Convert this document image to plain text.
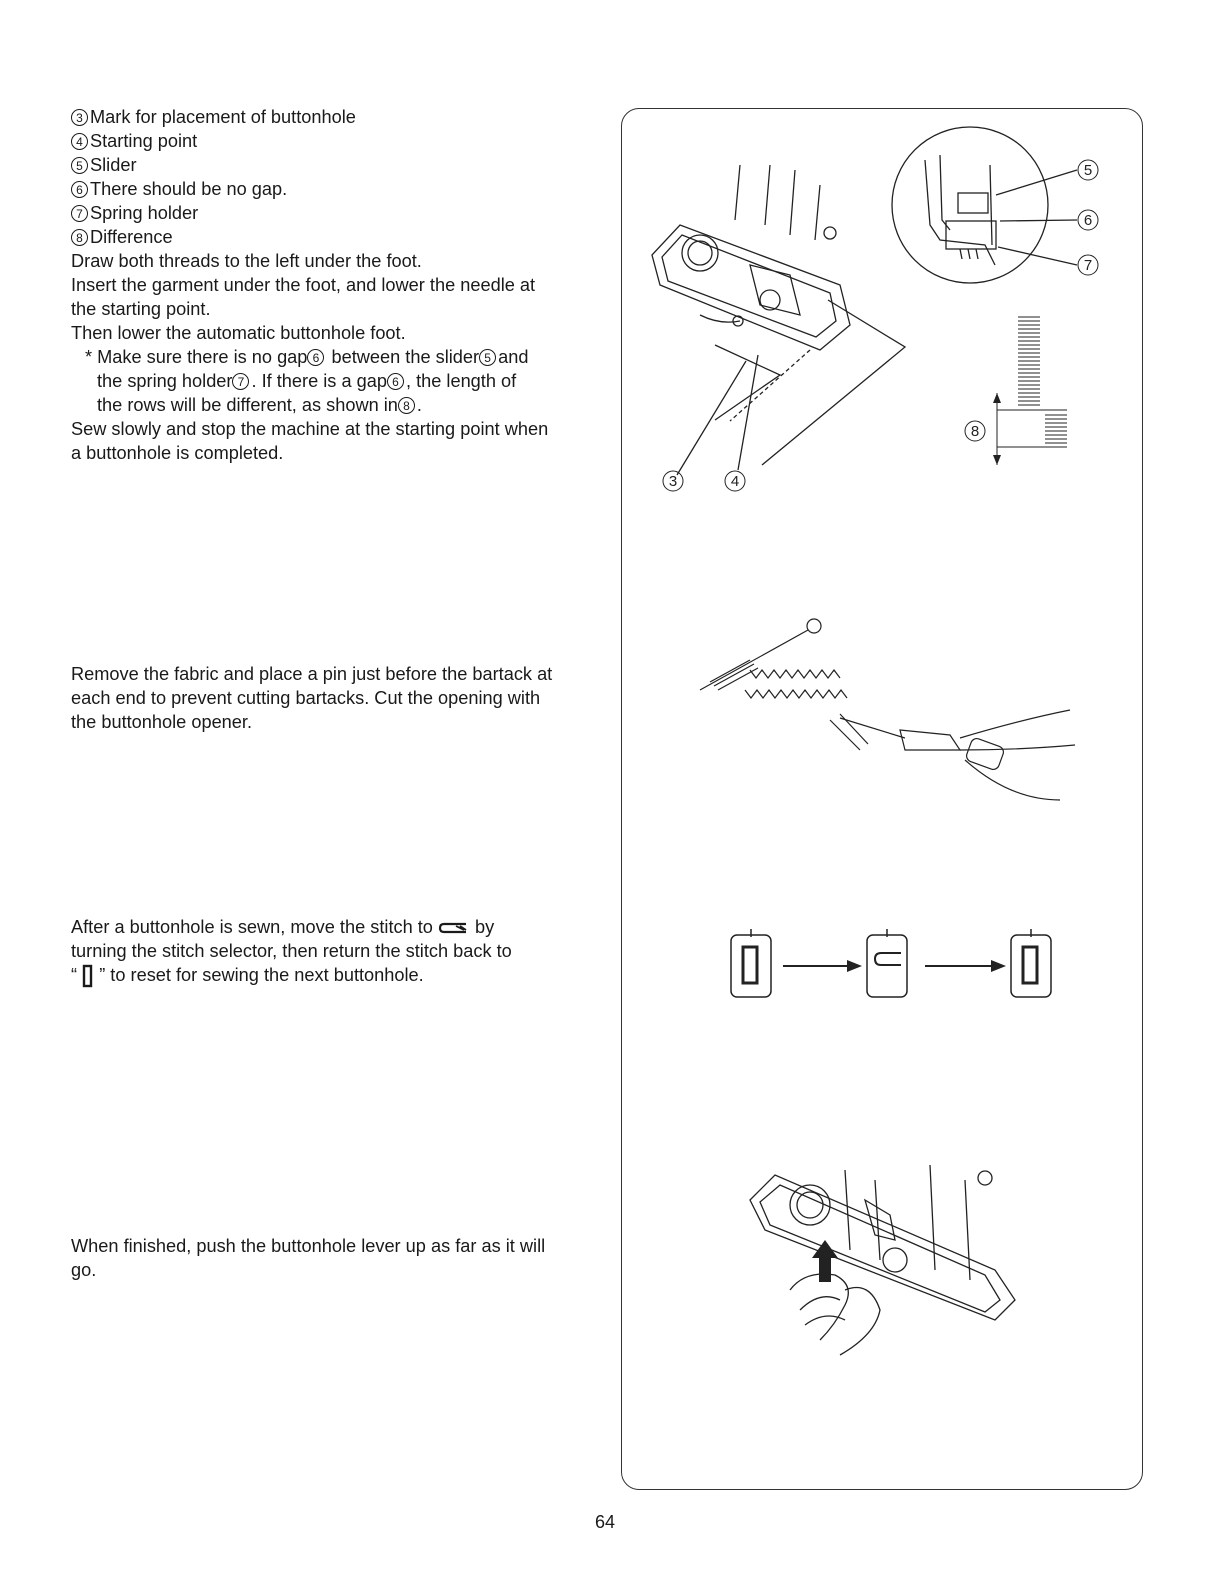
3 Mark for placement of buttonhole
4 Starting point
5 Slider
6 There should be no gap.
7 Spring holder
8 Difference
Draw both threads to the left under the foot.
Insert the garment under the foot, and lower the needle at
the starting point.
Then lower the automatic buttonhole foot.
* Make sure there is no gap 6 between the slider 5 and
the spring holder 7 . If there is a gap 6 , the length of
the rows will be different, as shown in 8 .
Sew slowly and stop the machine at the starting point when
a buttonhole is completed.
Remove the fabric and place a pin just before the bartack at
each end to prevent cutting bartacks. Cut the opening with
the buttonhole opener.
After a buttonhole is sewn, move the stitch to by
turning the stitch selector, then return the stitch back to
“ ” to reset for sewing the next buttonhole.
When finished, push the buttonhole lever up as far as it will
go.
5
6
7
3	4
8
64
